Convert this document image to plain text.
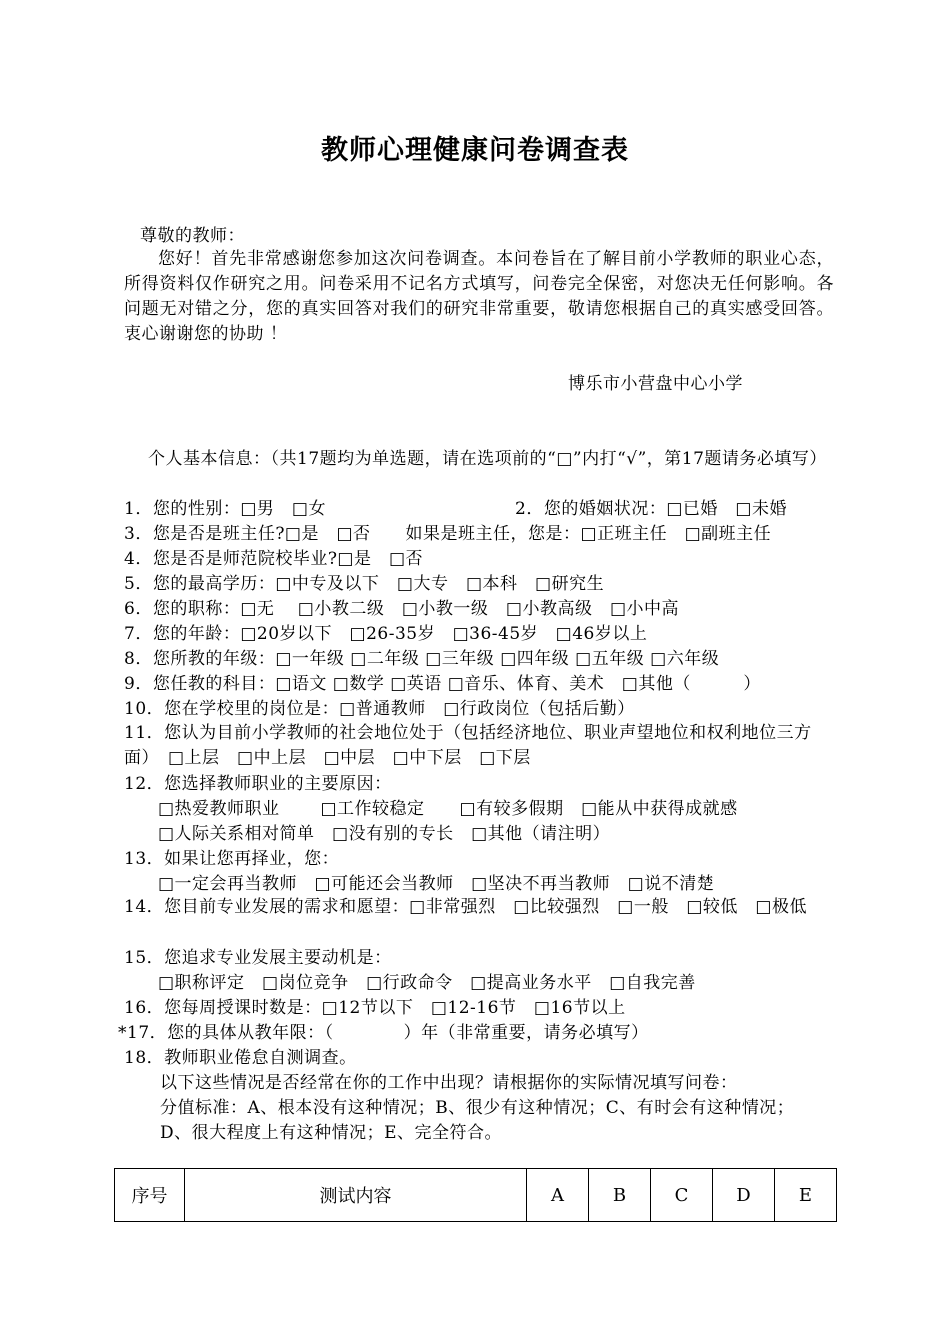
教师心理健康问卷调查表
尊敬的教师：
您好！首先非常感谢您参加这次问卷调查。本问卷旨在了解目前小学教师的职业心态，所得资料仅作研究之用。问卷采用不记名方式填写，问卷完全保密，对您决无任何影响。各问题无对错之分，您的真实回答对我们的研究非常重要，敬请您根据自己的真实感受回答。衷心谢谢您的协助 ！
博乐市小营盘中心小学
个人基本信息：（共17题均为单选题，请在选项前的“□”内打“√”，第17题请务必填写）
1．您的性别：□男　□女	2．您的婚姻状况：□已婚　□未婚
3．您是否是班主任?□是　□否　　如果是班主任，您是：□正班主任　□副班主任
4．您是否是师范院校毕业?□是　□否
5．您的最高学历：□中专及以下　□大专　□本科　□研究生
6．您的职称：□无　 □小教二级　□小教一级　□小教高级　□小中高
7．您的年龄：□20岁以下　□26-35岁　□36-45岁　□46岁以上
8．您所教的年级：□一年级 □二年级 □三年级 □四年级 □五年级 □六年级
9．您任教的科目：□语文 □数学 □英语 □音乐、体育、美术　□其他（　　　）
10．您在学校里的岗位是：□普通教师　□行政岗位（包括后勤）
11．您认为目前小学教师的社会地位处于（包括经济地位、职业声望地位和权利地位三方面）　□上层　□中上层　□中层　□中下层　□下层
12．您选择教师职业的主要原因：
□热爱教师职业　　 □工作较稳定　　□有较多假期　□能从中获得成就感
□人际关系相对简单　□没有别的专长　□其他（请注明）
13．如果让您再择业，您：
□一定会再当教师　□可能还会当教师　□坚决不再当教师　□说不清楚
14．您目前专业发展的需求和愿望：□非常强烈　□比较强烈　□一般　□较低　□极低
15．您追求专业发展主要动机是：
□职称评定　□岗位竞争　□行政命令　□提高业务水平　□自我完善
16．您每周授课时数是：□12节以下　□12-16节　□16节以上
*17．您的具体从教年限：（　　　　）年（非常重要，请务必填写）
18．教师职业倦怠自测调查。
以下这些情况是否经常在你的工作中出现？请根据你的实际情况填写问卷：
分值标准：A、根本没有这种情况；B、很少有这种情况；C、有时会有这种情况；
D、很大程度上有这种情况；E、完全符合。
序号	测试内容	A	B	C	D	E
